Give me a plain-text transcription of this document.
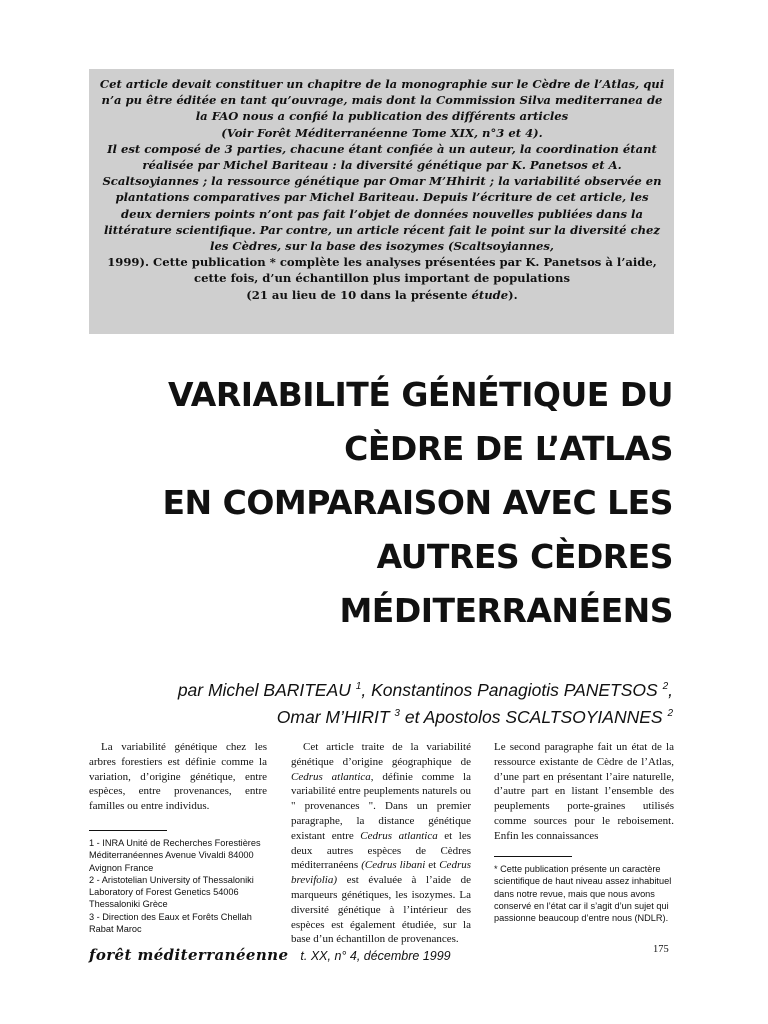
Cet article devait constituer un chapitre de la monographie sur le Cèdre de l’Atlas, qui n’a pu être éditée en tant qu’ouvrage, mais dont la Commission Silva mediterranea de la FAO nous a confié la publication des différents articles
(Voir Forêt Méditerranéenne Tome XIX, n°3 et 4).

Il est composé de 3 parties, chacune étant confiée à un auteur, la coordination étant réalisée par Michel Bariteau : la diversité génétique par K. Panetsos et A. Scaltsoyiannes ; la ressource génétique par Omar M’Hhirit ; la variabilité observée en plantations comparatives par Michel Bariteau. Depuis l’écriture de cet article, les deux derniers points n’ont pas fait l’objet de données nouvelles publiées dans la littérature scientifique. Par contre, un article récent fait le point sur la diversité chez les Cèdres, sur la base des isozymes (Scaltsoyiannes,

1999). Cette publication * complète les analyses présentées par K. Panetsos à l’aide, cette fois, d’un échantillon plus important de populations

(21 au lieu de 10 dans la présente étude).

VARIABILITÉ GÉNÉTIQUE DU
CÈDRE DE L’ATLAS
EN COMPARAISON AVEC LES
AUTRES CÈDRES
MÉDITERRANÉENS
par Michel BARITEAU $^1$, Konstantinos Panagiotis PANETSOS $^2$,
Omar M’HIRIT $^3$ et Apostolos SCALTSOYIANNES $^2$

La variabilité génétique chez les arbres forestiers est définie comme la variation, d’origine génétique, entre espèces, entre provenances, entre familles ou entre individus.

Cet article traite de la variabilité génétique d’origine géographique de Cedrus atlantica, définie comme la variabilité entre peuplements naturels ou " provenances ". Dans un premier paragraphe, la distance génétique existant entre Cedrus atlantica et les deux autres espèces de Cèdres méditerranéens (Cedrus libani et Cedrus brevifolia) est évaluée à l’aide de marqueurs génétiques, les isozymes. La diversité génétique à l’intérieur des espèces est également étudiée, sur la base d’un échantillon de provenances.

Le second paragraphe fait un état de la ressource existante de Cèdre de l’Atlas, d’une part en présentant l’aire naturelle, d’autre part en listant l’ensemble des peuplements porte-graines utilisés comme sources pour le reboisement. Enfin les connaissances

1 - INRA Unité de Recherches Forestières Méditerranéennes Avenue Vivaldi 84000 Avignon France
2 - Aristotelian University of Thessaloniki Laboratory of Forest Genetics 54006 Thessaloniki Grèce
3 - Direction des Eaux et Forêts Chellah Rabat Maroc
* Cette publication présente un caractère scientifique de haut niveau assez inhabituel dans notre revue, mais que nous avons conservé en l’état car il s’agit d’un sujet qui passionne beaucoup d’entre nous (NDLR).
forêt méditerranéenne t. XX, n° 4, décembre 1999	175
